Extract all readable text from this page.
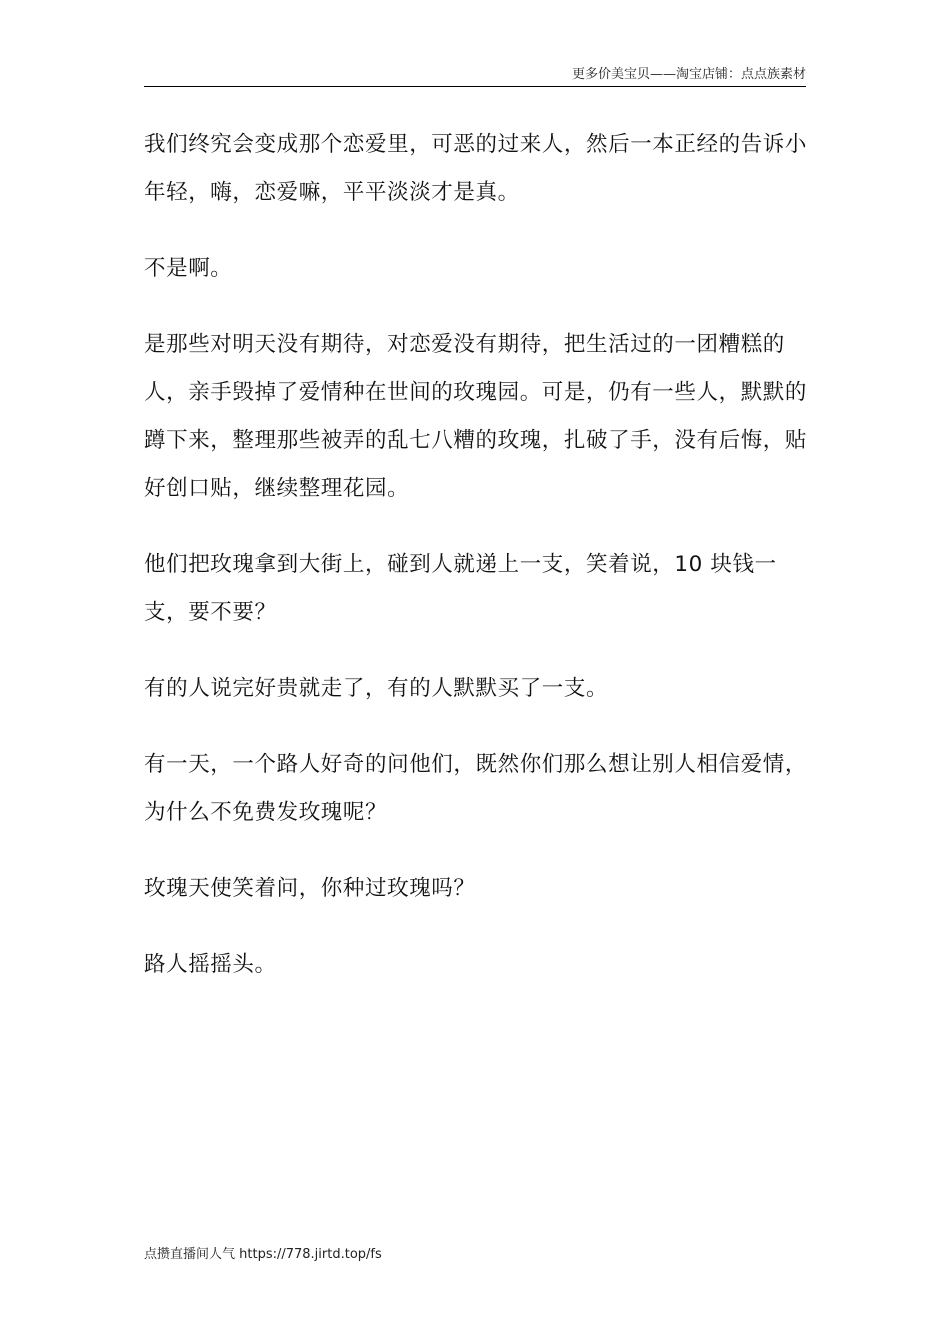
更多价美宝贝——淘宝店铺：点点族素材

我们终究会变成那个恋爱里，可恶的过来人，然后一本正经的告诉小年轻，嗨，恋爱嘛，平平淡淡才是真。

不是啊。

是那些对明天没有期待，对恋爱没有期待，把生活过的一团糟糕的人，亲手毁掉了爱情种在世间的玫瑰园。可是，仍有一些人，默默的蹲下来，整理那些被弄的乱七八糟的玫瑰，扎破了手，没有后悔，贴好创口贴，继续整理花园。

他们把玫瑰拿到大街上，碰到人就递上一支，笑着说，10 块钱一支，要不要？

有的人说完好贵就走了，有的人默默买了一支。

有一天，一个路人好奇的问他们，既然你们那么想让别人相信爱情，为什么不免费发玫瑰呢？

玫瑰天使笑着问，你种过玫瑰吗？

路人摇摇头。

点攒直播间人气 https://778.jirtd.top/fs
